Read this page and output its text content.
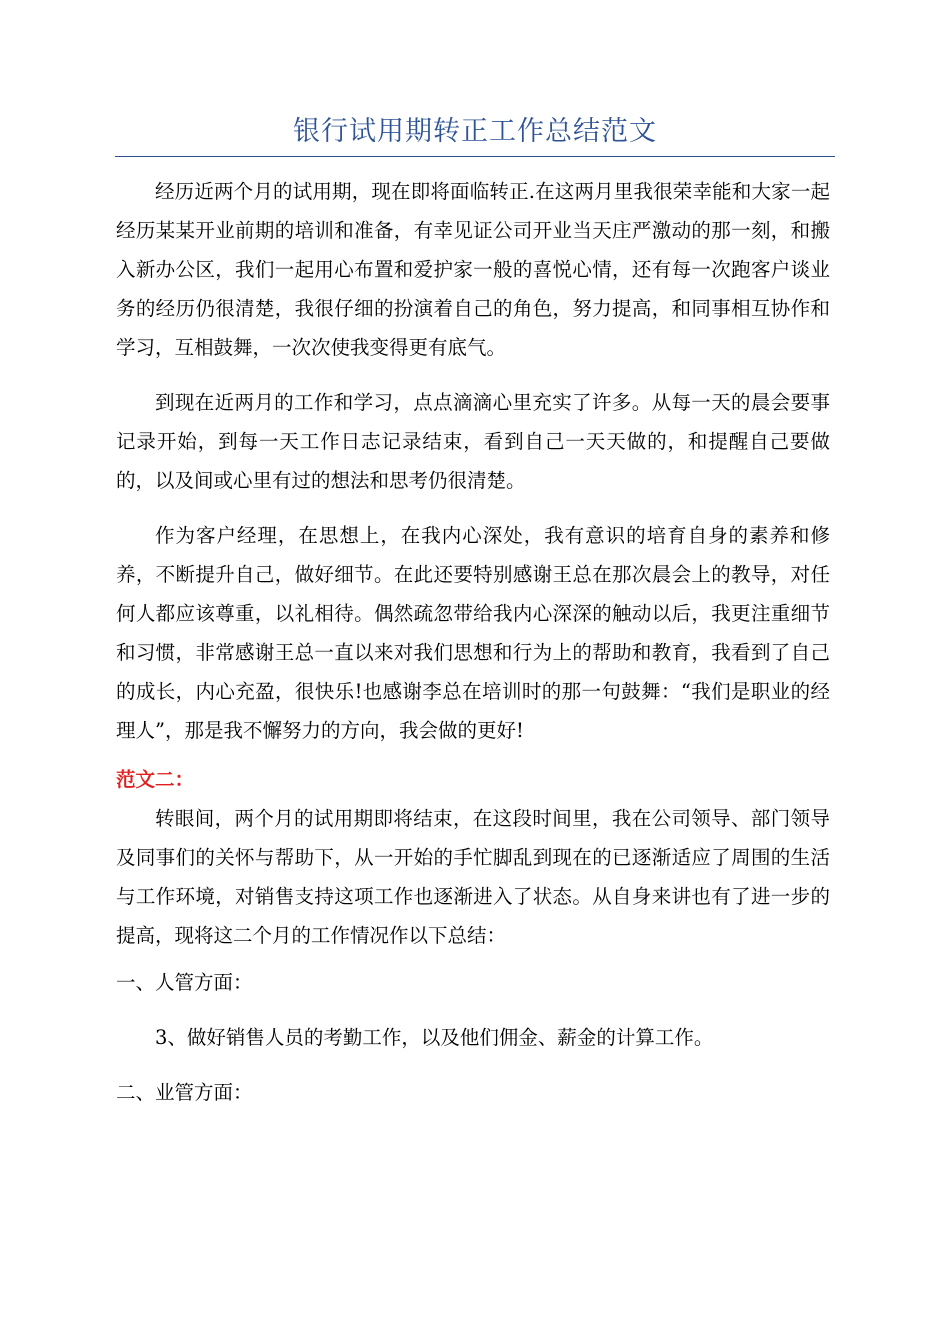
银行试用期转正工作总结范文

经历近两个月的试用期，现在即将面临转正.在这两月里我很荣幸能和大家一起经历某某开业前期的培训和准备，有幸见证公司开业当天庄严激动的那一刻，和搬入新办公区，我们一起用心布置和爱护家一般的喜悦心情，还有每一次跑客户谈业务的经历仍很清楚，我很仔细的扮演着自己的角色，努力提高，和同事相互协作和学习，互相鼓舞，一次次使我变得更有底气。

到现在近两月的工作和学习，点点滴滴心里充实了许多。从每一天的晨会要事记录开始，到每一天工作日志记录结束，看到自己一天天做的，和提醒自己要做的，以及间或心里有过的想法和思考仍很清楚。

作为客户经理，在思想上，在我内心深处，我有意识的培育自身的素养和修养，不断提升自己，做好细节。在此还要特别感谢王总在那次晨会上的教导，对任何人都应该尊重，以礼相待。偶然疏忽带给我内心深深的触动以后，我更注重细节和习惯，非常感谢王总一直以来对我们思想和行为上的帮助和教育，我看到了自己的成长，内心充盈，很快乐!也感谢李总在培训时的那一句鼓舞：“我们是职业的经理人”，那是我不懈努力的方向，我会做的更好!

范文二：

转眼间，两个月的试用期即将结束，在这段时间里，我在公司领导、部门领导及同事们的关怀与帮助下，从一开始的手忙脚乱到现在的已逐渐适应了周围的生活与工作环境，对销售支持这项工作也逐渐进入了状态。从自身来讲也有了进一步的提高，现将这二个月的工作情况作以下总结：

一、人管方面：

3、做好销售人员的考勤工作，以及他们佣金、薪金的计算工作。

二、业管方面：
